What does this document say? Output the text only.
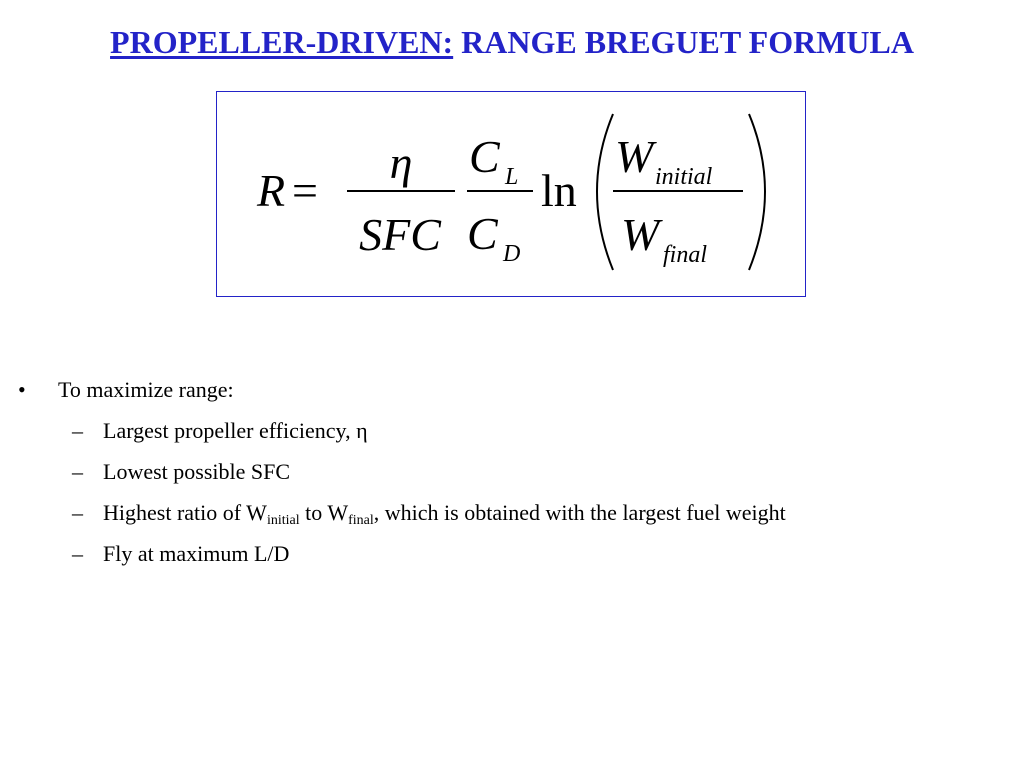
PROPELLER-DRIVEN: RANGE BREGUET FORMULA
R =
η
SFC
C L
C D
ln
W initial
W final
• To maximize range:
– Largest propeller efficiency, η
– Lowest possible SFC
– Highest ratio of $W_{initial}$ to $W_{final}$, which is obtained with the largest fuel weight
– Fly at maximum L/D
